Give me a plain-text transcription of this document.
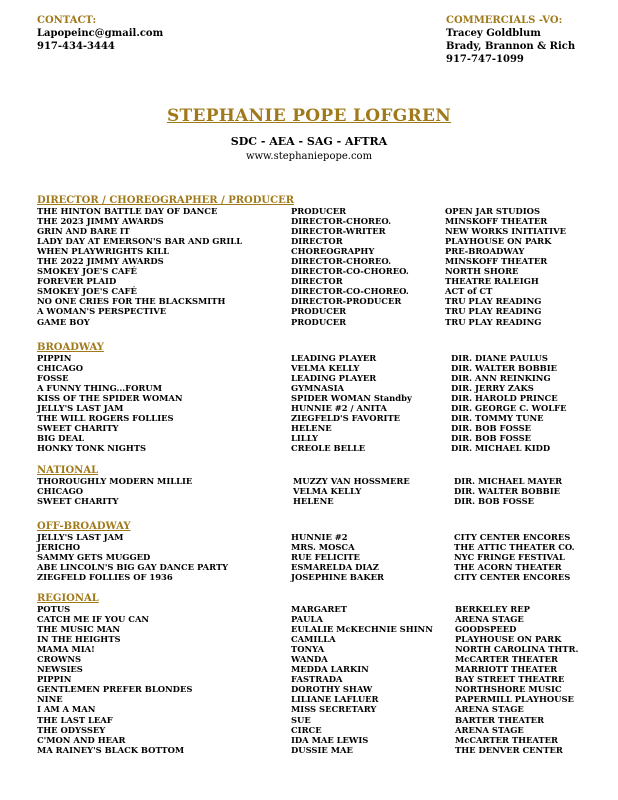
CONTACT:
Lapopeinc@gmail.com
917-434-3444
COMMERCIALS -VO:
Tracey Goldblum
Brady, Brannon & Rich
917-747-1099
STEPHANIE POPE LOFGREN
SDC - AEA - SAG - AFTRA
www.stephaniepope.com
DIRECTOR / CHOREOGRAPHER / PRODUCER
THE HINTON BATTLE DAY OF DANCE	PRODUCER	OPEN JAR STUDIOS
THE 2023 JIMMY AWARDS	DIRECTOR-CHOREO.	MINSKOFF THEATER
GRIN AND BARE IT	DIRECTOR-WRITER	NEW WORKS INITIATIVE
LADY DAY AT EMERSON'S BAR AND GRILL	DIRECTOR	PLAYHOUSE ON PARK
WHEN PLAYWRIGHTS KILL	CHOREOGRAPHY	PRE-BROADWAY
THE 2022 JIMMY AWARDS	DIRECTOR-CHOREO.	MINSKOFF THEATER
SMOKEY JOE'S CAFÉ	DIRECTOR-CO-CHOREO.	NORTH SHORE
FOREVER PLAID	DIRECTOR	THEATRE RALEIGH
SMOKEY JOE'S CAFÉ	DIRECTOR-CO-CHOREO.	ACT of CT
NO ONE CRIES FOR THE BLACKSMITH	DIRECTOR-PRODUCER	TRU PLAY READING
A WOMAN'S PERSPECTIVE	PRODUCER	TRU PLAY READING
GAME BOY	PRODUCER	TRU PLAY READING
BROADWAY
PIPPIN	LEADING PLAYER	DIR. DIANE PAULUS
CHICAGO	VELMA KELLY	DIR. WALTER BOBBIE
FOSSE	LEADING PLAYER	DIR. ANN REINKING
A FUNNY THING...FORUM	GYMNASIA	DIR. JERRY ZAKS
KISS OF THE SPIDER WOMAN	SPIDER WOMAN Standby	DIR. HAROLD PRINCE
JELLY'S LAST JAM	HUNNIE #2 / ANITA	DIR. GEORGE C. WOLFE
THE WILL ROGERS FOLLIES	ZIEGFELD'S FAVORITE	DIR. TOMMY TUNE
SWEET CHARITY	HELENE	DIR. BOB FOSSE
BIG DEAL	LILLY	DIR. BOB FOSSE
HONKY TONK NIGHTS	CREOLE BELLE	DIR. MICHAEL KIDD
NATIONAL
THOROUGHLY MODERN MILLIE	MUZZY VAN HOSSMERE	DIR. MICHAEL MAYER
CHICAGO	VELMA KELLY	DIR. WALTER BOBBIE
SWEET CHARITY	HELENE	DIR. BOB FOSSE
OFF-BROADWAY
JELLY'S LAST JAM	HUNNIE #2	CITY CENTER ENCORES
JERICHO	MRS. MOSCA	THE ATTIC THEATER CO.
SAMMY GETS MUGGED	RUE FELICITE	NYC FRINGE FESTIVAL
ABE LINCOLN'S BIG GAY DANCE PARTY	ESMARELDA DIAZ	THE ACORN THEATER
ZIEGFELD FOLLIES OF 1936	JOSEPHINE BAKER	CITY CENTER ENCORES
REGIONAL
POTUS	MARGARET	BERKELEY REP
CATCH ME IF YOU CAN	PAULA	ARENA STAGE
THE MUSIC MAN	EULALIE McKECHNIE SHINN	GOODSPEED
IN THE HEIGHTS	CAMILLA	PLAYHOUSE ON PARK
MAMA MIA!	TONYA	NORTH CAROLINA THTR.
CROWNS	WANDA	McCARTER THEATER
NEWSIES	MEDDA LARKIN	MARRIOTT THEATER
PIPPIN	FASTRADA	BAY STREET THEATRE
GENTLEMEN PREFER BLONDES	DOROTHY SHAW	NORTHSHORE MUSIC
NINE	LILIANE LAFLUER	PAPERMILL PLAYHOUSE
I AM A MAN	MISS SECRETARY	ARENA STAGE
THE LAST LEAF	SUE	BARTER THEATER
THE ODYSSEY	CIRCE	ARENA STAGE
C'MON AND HEAR	IDA MAE LEWIS	McCARTER THEATER
MA RAINEY'S BLACK BOTTOM	DUSSIE MAE	THE DENVER CENTER
